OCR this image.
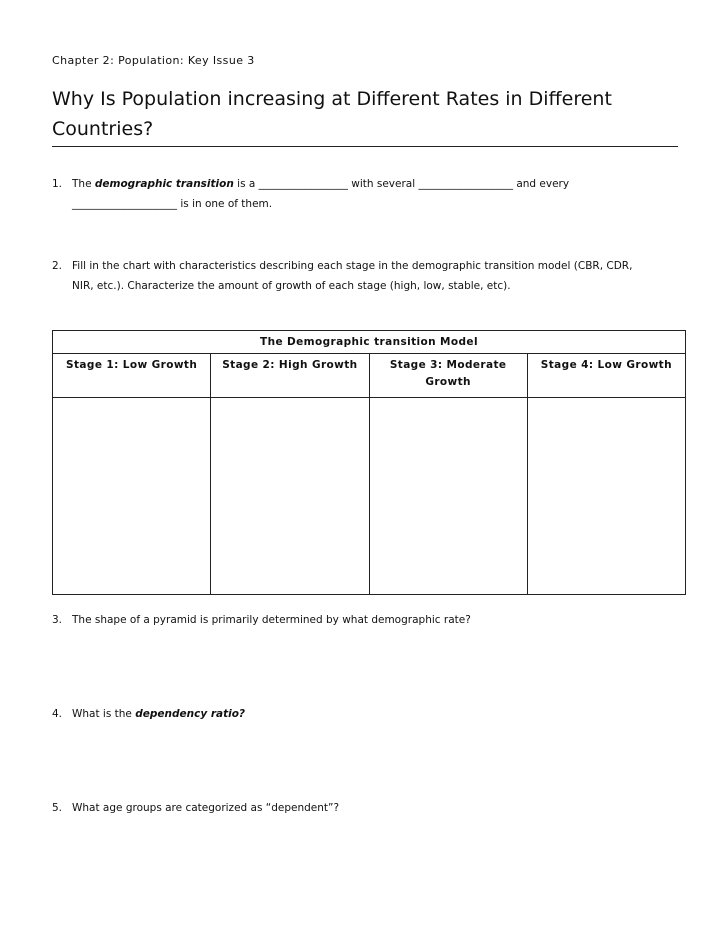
Chapter 2: Population: Key Issue 3
Why Is Population increasing at Different Rates in Different Countries?
1. The demographic transition is a _________________ with several __________________ and every
____________________ is in one of them.
2. Fill in the chart with characteristics describing each stage in the demographic transition model (CBR, CDR,
NIR, etc.). Characterize the amount of growth of each stage (high, low, stable, etc).
The Demographic transition Model			
Stage 1: Low Growth	Stage 2: High Growth	Stage 3: Moderate Growth	Stage 4: Low Growth

3. The shape of a pyramid is primarily determined by what demographic rate?
4. What is the dependency ratio?
5. What age groups are categorized as “dependent”?
